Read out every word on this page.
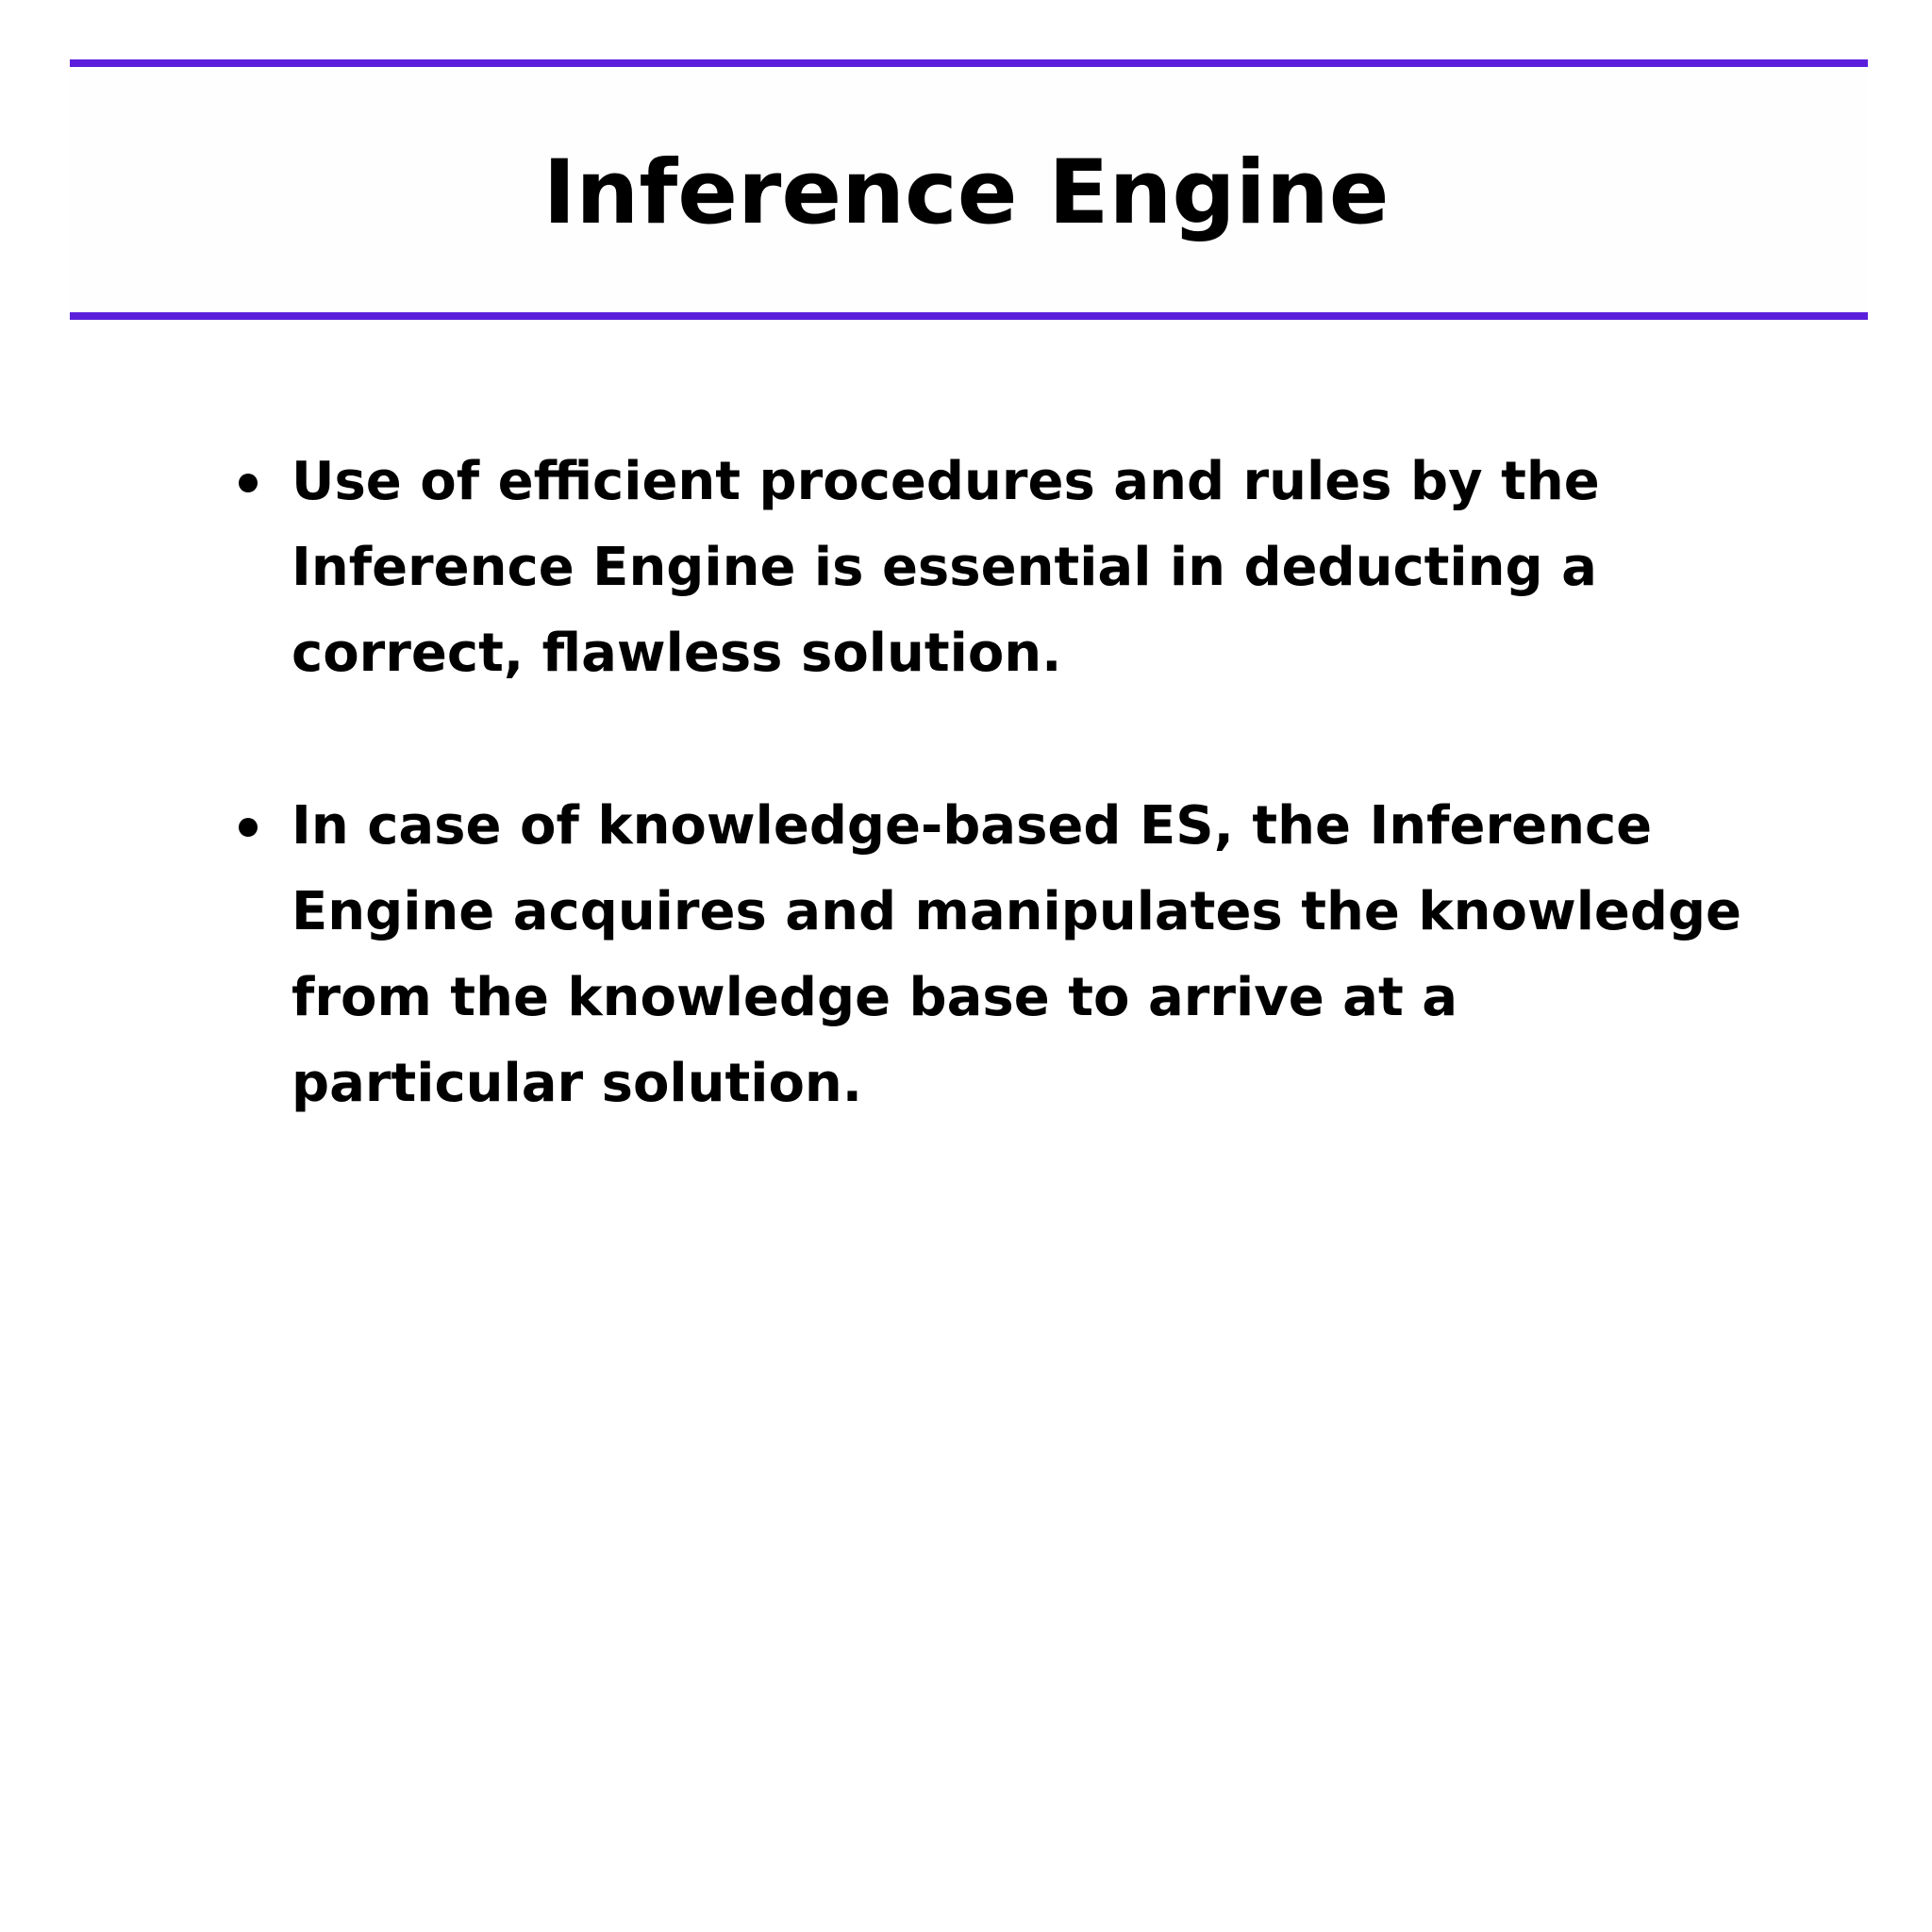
Inference Engine
Use of efficient procedures and rules by the Inference Engine is essential in deducting a correct, flawless solution.
In case of knowledge-based ES, the Inference Engine acquires and manipulates the knowledge from the knowledge base to arrive at a particular solution.
